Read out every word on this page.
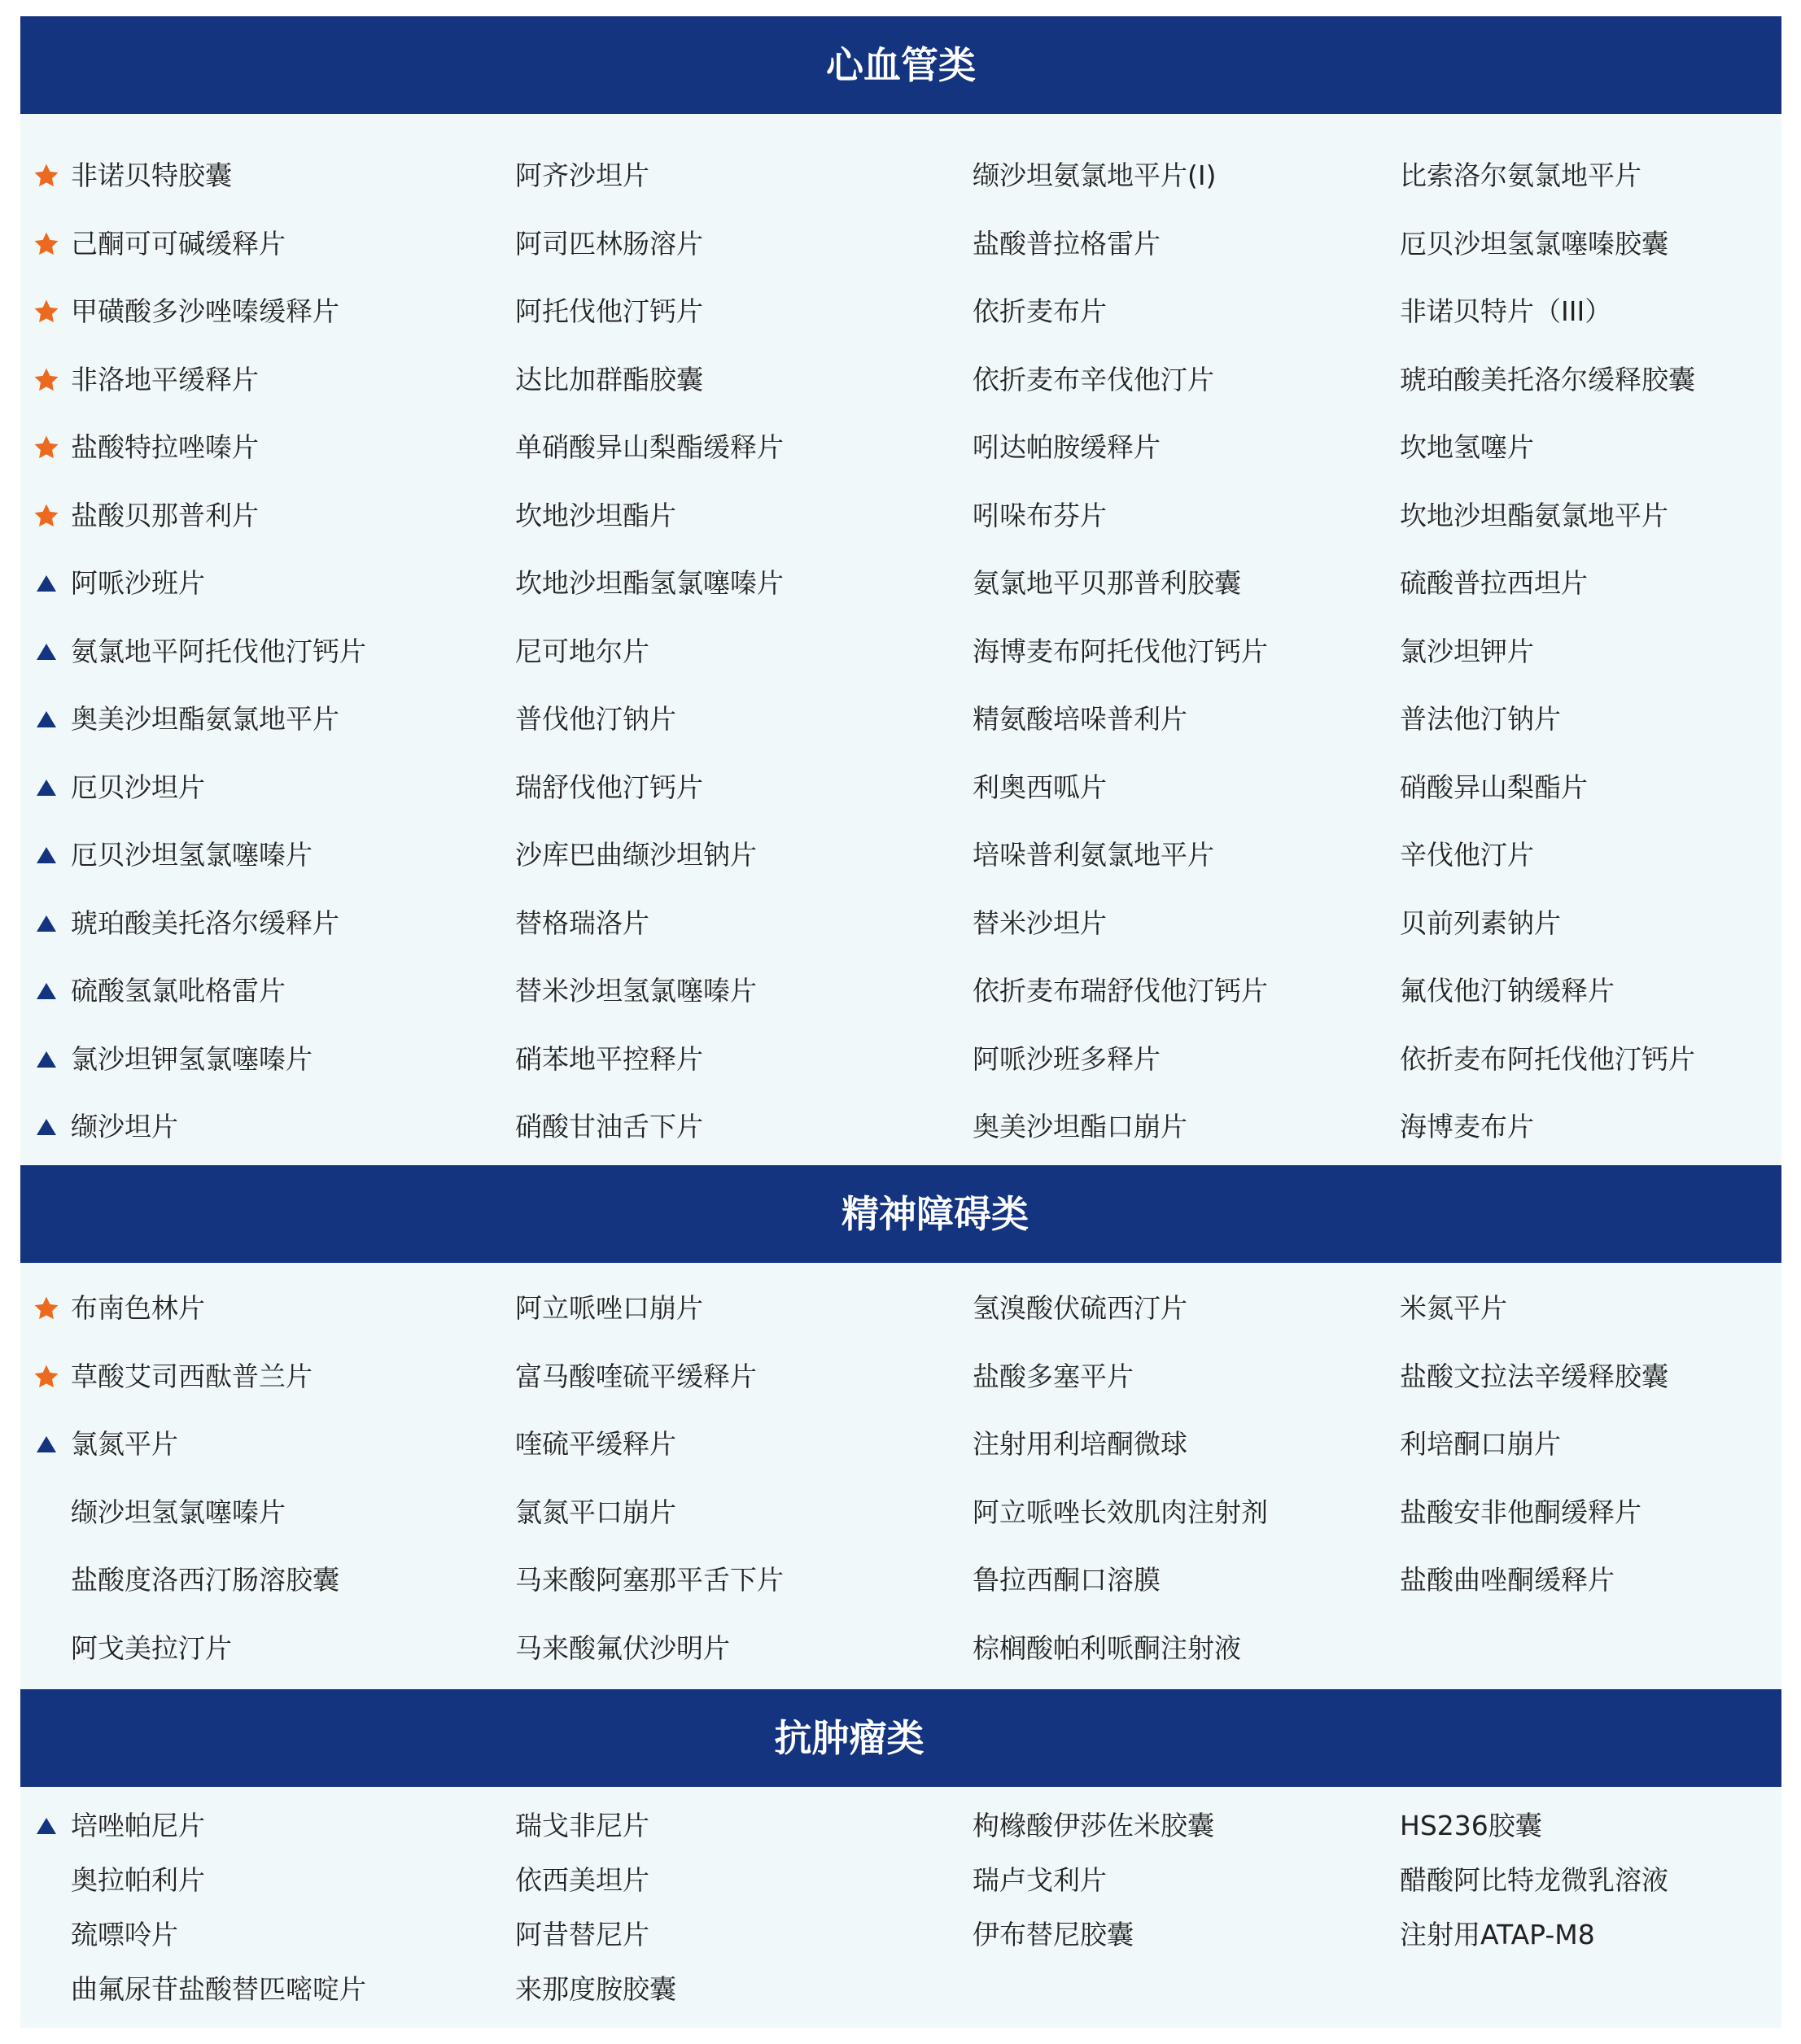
心血管类
非诺贝特胶囊	阿齐沙坦片	缬沙坦氨氯地平片(Ⅰ)	比索洛尔氨氯地平片
己酮可可碱缓释片	阿司匹林肠溶片	盐酸普拉格雷片	厄贝沙坦氢氯噻嗪胶囊
甲磺酸多沙唑嗪缓释片	阿托伐他汀钙片	依折麦布片	非诺贝特片（III）
非洛地平缓释片	达比加群酯胶囊	依折麦布辛伐他汀片	琥珀酸美托洛尔缓释胶囊
盐酸特拉唑嗪片	单硝酸异山梨酯缓释片	吲达帕胺缓释片	坎地氢噻片
盐酸贝那普利片	坎地沙坦酯片	吲哚布芬片	坎地沙坦酯氨氯地平片
阿哌沙班片	坎地沙坦酯氢氯噻嗪片	氨氯地平贝那普利胶囊	硫酸普拉西坦片
氨氯地平阿托伐他汀钙片	尼可地尔片	海博麦布阿托伐他汀钙片	氯沙坦钾片
奥美沙坦酯氨氯地平片	普伐他汀钠片	精氨酸培哚普利片	普法他汀钠片
厄贝沙坦片	瑞舒伐他汀钙片	利奥西呱片	硝酸异山梨酯片
厄贝沙坦氢氯噻嗪片	沙库巴曲缬沙坦钠片	培哚普利氨氯地平片	辛伐他汀片
琥珀酸美托洛尔缓释片	替格瑞洛片	替米沙坦片	贝前列素钠片
硫酸氢氯吡格雷片	替米沙坦氢氯噻嗪片	依折麦布瑞舒伐他汀钙片	氟伐他汀钠缓释片
氯沙坦钾氢氯噻嗪片	硝苯地平控释片	阿哌沙班多释片	依折麦布阿托伐他汀钙片
缬沙坦片	硝酸甘油舌下片	奥美沙坦酯口崩片	海博麦布片
精神障碍类
布南色林片	阿立哌唑口崩片	氢溴酸伏硫西汀片	米氮平片
草酸艾司西酞普兰片	富马酸喹硫平缓释片	盐酸多塞平片	盐酸文拉法辛缓释胶囊
氯氮平片	喹硫平缓释片	注射用利培酮微球	利培酮口崩片
缬沙坦氢氯噻嗪片	氯氮平口崩片	阿立哌唑长效肌肉注射剂	盐酸安非他酮缓释片
盐酸度洛西汀肠溶胶囊	马来酸阿塞那平舌下片	鲁拉西酮口溶膜	盐酸曲唑酮缓释片
阿戈美拉汀片	马来酸氟伏沙明片	棕榈酸帕利哌酮注射液
抗肿瘤类
培唑帕尼片	瑞戈非尼片	枸橼酸伊莎佐米胶囊	HS236胶囊
奥拉帕利片	依西美坦片	瑞卢戈利片	醋酸阿比特龙微乳溶液
巯嘌呤片	阿昔替尼片	伊布替尼胶囊	注射用ATAP-M8
曲氟尿苷盐酸替匹嘧啶片	来那度胺胶囊
